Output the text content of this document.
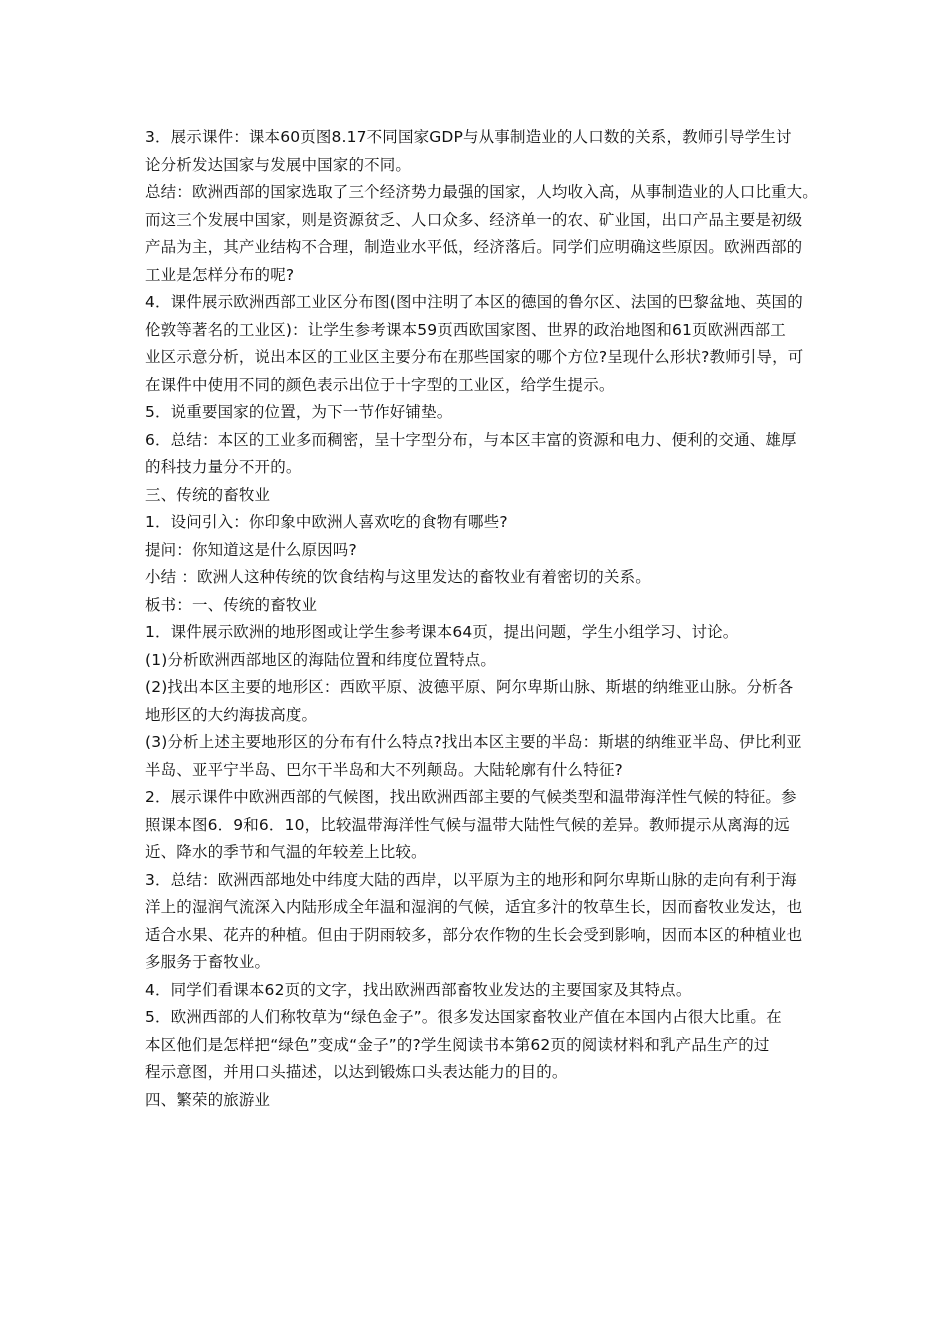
3．展示课件：课本60页图8.17不同国家GDP与从事制造业的人口数的关系，教师引导学生讨
论分析发达国家与发展中国家的不同。
总结：欧洲西部的国家选取了三个经济势力最强的国家，人均收入高，从事制造业的人口比重大。
而这三个发展中国家，则是资源贫乏、人口众多、经济单一的农、矿业国，出口产品主要是初级
产品为主，其产业结构不合理，制造业水平低，经济落后。同学们应明确这些原因。欧洲西部的
工业是怎样分布的呢?
4．课件展示欧洲西部工业区分布图(图中注明了本区的德国的鲁尔区、法国的巴黎盆地、英国的
伦敦等著名的工业区)：让学生参考课本59页西欧国家图、世界的政治地图和61页欧洲西部工
业区示意分析，说出本区的工业区主要分布在那些国家的哪个方位?呈现什么形状?教师引导，可
在课件中使用不同的颜色表示出位于十字型的工业区，给学生提示。
5．说重要国家的位置，为下一节作好铺垫。
6．总结：本区的工业多而稠密，呈十字型分布，与本区丰富的资源和电力、便利的交通、雄厚
的科技力量分不开的。
三、传统的畜牧业
1．设问引入：你印象中欧洲人喜欢吃的食物有哪些?
提问：你知道这是什么原因吗?
小结 ：欧洲人这种传统的饮食结构与这里发达的畜牧业有着密切的关系。
板书：一、传统的畜牧业
1．课件展示欧洲的地形图或让学生参考课本64页，提出问题，学生小组学习、讨论。
(1)分析欧洲西部地区的海陆位置和纬度位置特点。
(2)找出本区主要的地形区：西欧平原、波德平原、阿尔卑斯山脉、斯堪的纳维亚山脉。分析各
地形区的大约海拔高度。
(3)分析上述主要地形区的分布有什么特点?找出本区主要的半岛：斯堪的纳维亚半岛、伊比利亚
半岛、亚平宁半岛、巴尔干半岛和大不列颠岛。大陆轮廓有什么特征?
2．展示课件中欧洲西部的气候图，找出欧洲西部主要的气候类型和温带海洋性气候的特征。参
照课本图6．9和6．10，比较温带海洋性气候与温带大陆性气候的差异。教师提示从离海的远
近、降水的季节和气温的年较差上比较。
3．总结：欧洲西部地处中纬度大陆的西岸，以平原为主的地形和阿尔卑斯山脉的走向有利于海
洋上的湿润气流深入内陆形成全年温和湿润的气候，适宜多汁的牧草生长，因而畜牧业发达，也
适合水果、花卉的种植。但由于阴雨较多，部分农作物的生长会受到影响，因而本区的种植业也
多服务于畜牧业。
4．同学们看课本62页的文字，找出欧洲西部畜牧业发达的主要国家及其特点。
5．欧洲西部的人们称牧草为“绿色金子”。很多发达国家畜牧业产值在本国内占很大比重。在
本区他们是怎样把“绿色”变成“金子”的?学生阅读书本第62页的阅读材料和乳产品生产的过
程示意图，并用口头描述，以达到锻炼口头表达能力的目的。
四、繁荣的旅游业
